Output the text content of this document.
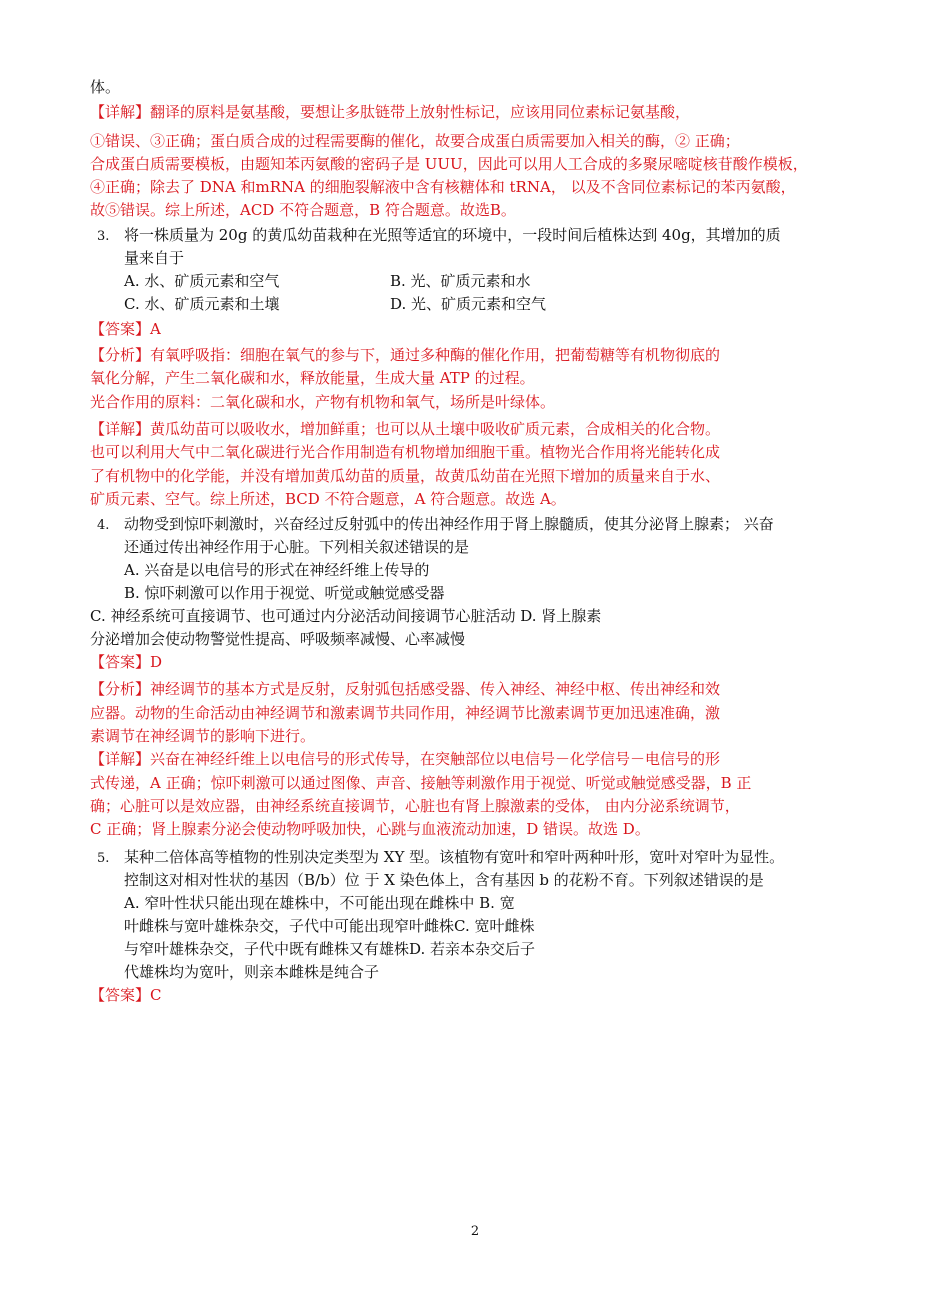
体。
【详解】翻译的原料是氨基酸，要想让多肽链带上放射性标记，应该用同位素标记氨基酸，
①错误、③正确；蛋白质合成的过程需要酶的催化，故要合成蛋白质需要加入相关的酶，② 正确；
合成蛋白质需要模板，由题知苯丙氨酸的密码子是 UUU，因此可以用人工合成的多聚尿嘧啶核苷酸作模板，
④正确；除去了 DNA 和mRNA 的细胞裂解液中含有核糖体和 tRNA， 以及不含同位素标记的苯丙氨酸，
故⑤错误。综上所述，ACD 不符合题意，B 符合题意。故选B。
3. 将一株质量为 20g 的黄瓜幼苗栽种在光照等适宜的环境中，一段时间后植株达到 40g，其增加的质
量来自于
A. 水、矿质元素和空气	B. 光、矿质元素和水
C. 水、矿质元素和土壤	D. 光、矿质元素和空气
【答案】A
【分析】有氧呼吸指：细胞在氧气的参与下，通过多种酶的催化作用，把葡萄糖等有机物彻底的
氧化分解，产生二氧化碳和水，释放能量，生成大量 ATP 的过程。
光合作用的原料：二氧化碳和水，产物有机物和氧气，场所是叶绿体。
【详解】黄瓜幼苗可以吸收水，增加鲜重；也可以从土壤中吸收矿质元素，合成相关的化合物。
也可以利用大气中二氧化碳进行光合作用制造有机物增加细胞干重。植物光合作用将光能转化成
了有机物中的化学能，并没有增加黄瓜幼苗的质量，故黄瓜幼苗在光照下增加的质量来自于水、
矿质元素、空气。综上所述，BCD 不符合题意，A 符合题意。故选 A。
4. 动物受到惊吓刺激时，兴奋经过反射弧中的传出神经作用于肾上腺髓质，使其分泌肾上腺素； 兴奋
还通过传出神经作用于心脏。下列相关叙述错误的是
A. 兴奋是以电信号的形式在神经纤维上传导的
B. 惊吓刺激可以作用于视觉、听觉或触觉感受器
C. 神经系统可直接调节、也可通过内分泌活动间接调节心脏活动 D. 肾上腺素
分泌增加会使动物警觉性提高、呼吸频率减慢、心率减慢
【答案】D
【分析】神经调节的基本方式是反射，反射弧包括感受器、传入神经、神经中枢、传出神经和效
应器。动物的生命活动由神经调节和激素调节共同作用，神经调节比激素调节更加迅速准确，激
素调节在神经调节的影响下进行。
【详解】兴奋在神经纤维上以电信号的形式传导，在突触部位以电信号－化学信号－电信号的形
式传递，A 正确；惊吓刺激可以通过图像、声音、接触等刺激作用于视觉、听觉或触觉感受器，B 正
确；心脏可以是效应器，由神经系统直接调节，心脏也有肾上腺激素的受体， 由内分泌系统调节，
C 正确；肾上腺素分泌会使动物呼吸加快，心跳与血液流动加速，D 错误。故选 D。
5. 某种二倍体高等植物的性别决定类型为 XY 型。该植物有宽叶和窄叶两种叶形，宽叶对窄叶为显性。
控制这对相对性状的基因（B/b）位 于 X 染色体上，含有基因 b 的花粉不育。下列叙述错误的是
A. 窄叶性状只能出现在雄株中，不可能出现在雌株中 B. 宽
叶雌株与宽叶雄株杂交，子代中可能出现窄叶雌株C. 宽叶雌株
与窄叶雄株杂交，子代中既有雌株又有雄株D. 若亲本杂交后子
代雄株均为宽叶，则亲本雌株是纯合子
【答案】C
2
